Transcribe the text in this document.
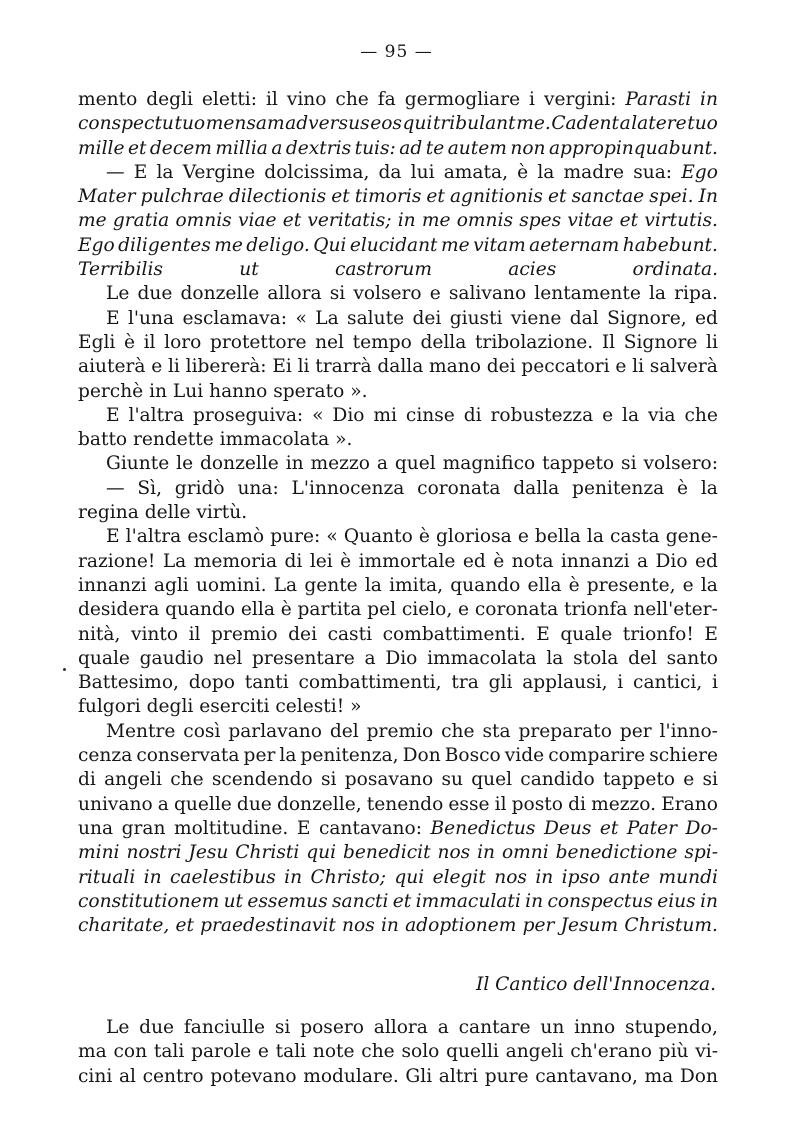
— 95 —
mento degli eletti: il vino che fa germogliare i vergini: Parasti in
conspectu tuo mensam adversus eos qui tribulant me. Cadent a latere tuo
mille et decem millia a dextris tuis: ad te autem non appropinquabunt.
— E la Vergine dolcissima, da lui amata, è la madre sua: Ego
Mater pulchrae dilectionis et timoris et agnitionis et sanctae spei. In
me gratia omnis viae et veritatis; in me omnis spes vitae et virtutis.
Ego diligentes me deligo. Qui elucidant me vitam aeternam habebunt.
Terribilis	ut	castrorum	acies	ordinata.
Le due donzelle allora si volsero e salivano lentamente la ripa.
E l'una esclamava: « La salute dei giusti viene dal Signore, ed
Egli è il loro protettore nel tempo della tribolazione. Il Signore li
aiuterà e li libererà: Ei li trarrà dalla mano dei peccatori e li salverà
perchè in Lui hanno sperato ».
E l'altra proseguiva: « Dio mi cinse di robustezza e la via che
batto rendette immacolata ».
Giunte le donzelle in mezzo a quel magnifico tappeto si volsero:
— Sì, gridò una: L'innocenza coronata dalla penitenza è la
regina delle virtù.
E l'altra esclamò pure: « Quanto è gloriosa e bella la casta gene-
razione! La memoria di lei è immortale ed è nota innanzi a Dio ed
innanzi agli uomini. La gente la imita, quando ella è presente, e la
desidera quando ella è partita pel cielo, e coronata trionfa nell'eter-
nità, vinto il premio dei casti combattimenti. E quale trionfo! E
quale gaudio nel presentare a Dio immacolata la stola del santo
Battesimo, dopo tanti combattimenti, tra gli applausi, i cantici, i
fulgori degli eserciti celesti! »
Mentre così parlavano del premio che sta preparato per l'inno-
cenza conservata per la penitenza, Don Bosco vide comparire schiere
di angeli che scendendo si posavano su quel candido tappeto e si
univano a quelle due donzelle, tenendo esse il posto di mezzo. Erano
una gran moltitudine. E cantavano: Benedictus Deus et Pater Do-
mini nostri Jesu Christi qui benedicit nos in omni benedictione spi-
rituali in caelestibus in Christo; qui elegit nos in ipso ante mundi
constitutionem ut essemus sancti et immaculati in conspectus eius in
charitate, et praedestinavit nos in adoptionem per Jesum Christum.
Il Cantico dell'Innocenza.
Le due fanciulle si posero allora a cantare un inno stupendo,
ma con tali parole e tali note che solo quelli angeli ch'erano più vi-
cini al centro potevano modulare. Gli altri pure cantavano, ma Don
